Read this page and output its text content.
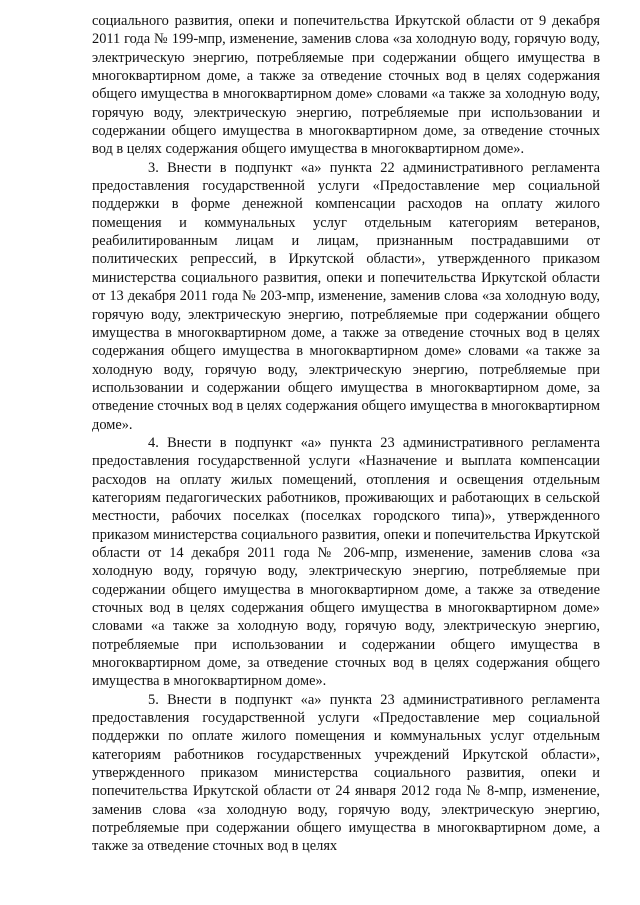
социального развития, опеки и попечительства Иркутской области от 9 декабря 2011 года № 199-мпр, изменение, заменив слова «за холодную воду, горячую воду, электрическую энергию, потребляемые при содержании общего имущества в многоквартирном доме, а также за отведение сточных вод в целях содержания общего имущества в многоквартирном доме» словами «а также за холодную воду, горячую воду, электрическую энергию, потребляемые при использовании и содержании общего имущества в многоквартирном доме, за отведение сточных вод в целях содержания общего имущества в многоквартирном доме».

3. Внести в подпункт «а» пункта 22 административного регламента предоставления государственной услуги «Предоставление мер социальной поддержки в форме денежной компенсации расходов на оплату жилого помещения и коммунальных услуг отдельным категориям ветеранов, реабилитированным лицам и лицам, признанным пострадавшими от политических репрессий, в Иркутской области», утвержденного приказом министерства социального развития, опеки и попечительства Иркутской области от 13 декабря 2011 года № 203-мпр, изменение, заменив слова «за холодную воду, горячую воду, электрическую энергию, потребляемые при содержании общего имущества в многоквартирном доме, а также за отведение сточных вод в целях содержания общего имущества в многоквартирном доме» словами «а также за холодную воду, горячую воду, электрическую энергию, потребляемые при использовании и содержании общего имущества в многоквартирном доме, за отведение сточных вод в целях содержания общего имущества в многоквартирном доме».

4. Внести в подпункт «а» пункта 23 административного регламента предоставления государственной услуги «Назначение и выплата компенсации расходов на оплату жилых помещений, отопления и освещения отдельным категориям педагогических работников, проживающих и работающих в сельской местности, рабочих поселках (поселках городского типа)», утвержденного приказом министерства социального развития, опеки и попечительства Иркутской области от 14 декабря 2011 года № 206-мпр, изменение, заменив слова «за холодную воду, горячую воду, электрическую энергию, потребляемые при содержании общего имущества в многоквартирном доме, а также за отведение сточных вод в целях содержания общего имущества в многоквартирном доме» словами «а также за холодную воду, горячую воду, электрическую энергию, потребляемые при использовании и содержании общего имущества в многоквартирном доме, за отведение сточных вод в целях содержания общего имущества в многоквартирном доме».

5. Внести в подпункт «а» пункта 23 административного регламента предоставления государственной услуги «Предоставление мер социальной поддержки по оплате жилого помещения и коммунальных услуг отдельным категориям работников государственных учреждений Иркутской области», утвержденного приказом министерства социального развития, опеки и попечительства Иркутской области от 24 января 2012 года № 8-мпр, изменение, заменив слова «за холодную воду, горячую воду, электрическую энергию, потребляемые при содержании общего имущества в многоквартирном доме, а также за отведение сточных вод в целях
